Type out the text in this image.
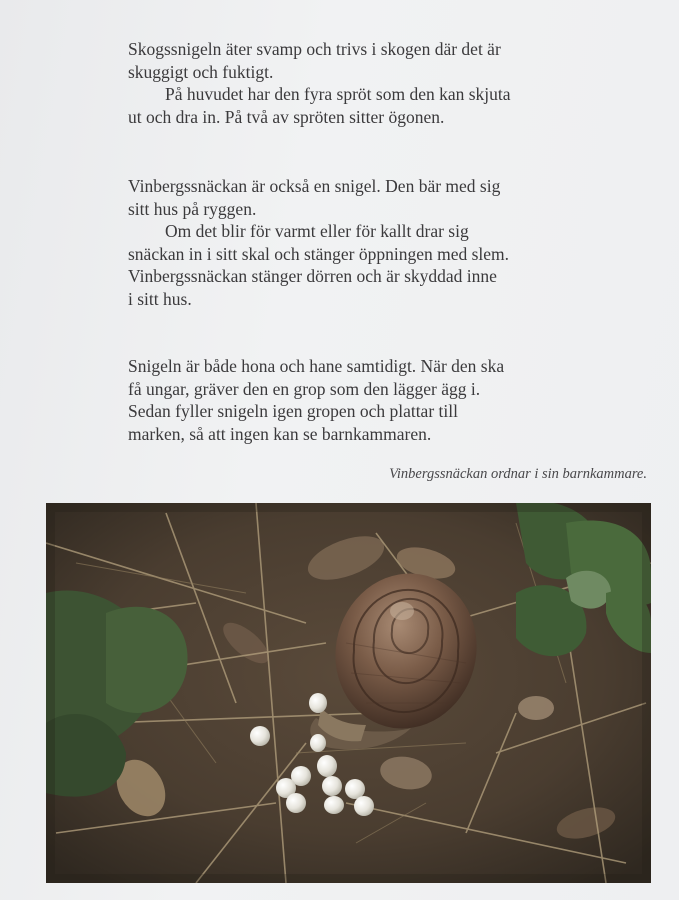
Skogssnigeln äter svamp och trivs i skogen där det är
skuggigt och fuktigt.
På huvudet har den fyra spröt som den kan skjuta
ut och dra in. På två av spröten sitter ögonen.
Vinbergssnäckan är också en snigel. Den bär med sig
sitt hus på ryggen.
Om det blir för varmt eller för kallt drar sig
snäckan in i sitt skal och stänger öppningen med slem.
Vinbergssnäckan stänger dörren och är skyddad inne
i sitt hus.
Snigeln är både hona och hane samtidigt. När den ska
få ungar, gräver den en grop som den lägger ägg i.
Sedan fyller snigeln igen gropen och plattar till
marken, så att ingen kan se barnkammaren.
Vinbergssnäckan ordnar i sin barnkammare.
